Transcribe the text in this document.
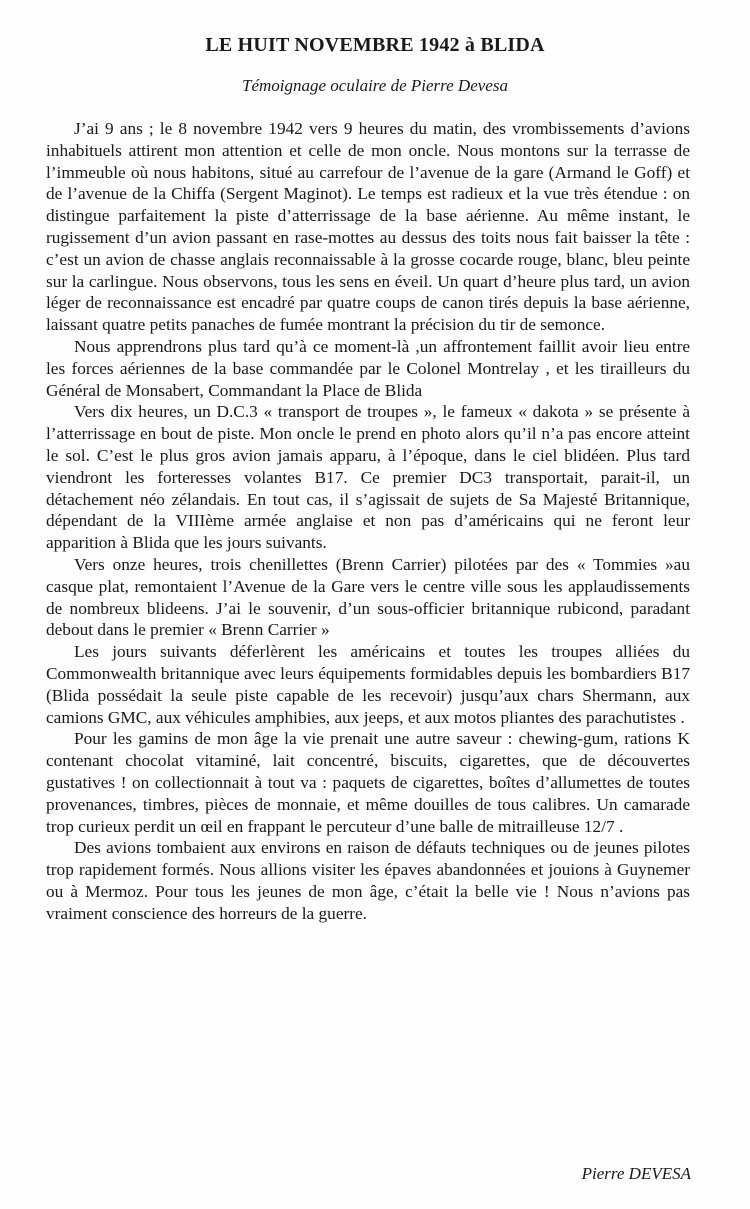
LE HUIT NOVEMBRE 1942 à BLIDA
Témoignage oculaire de Pierre Devesa

J’ai 9 ans ; le 8 novembre 1942 vers 9 heures du matin, des vrombissements d’avions inhabituels attirent mon attention et celle de mon oncle. Nous montons sur la terrasse de l’immeuble où nous habitons, situé au carrefour de l’avenue de la gare (Armand le Goff) et de l’avenue de la Chiffa (Sergent Maginot). Le temps est radieux et la vue très étendue : on distingue parfaitement la piste d’atterrissage de la base aérienne. Au même instant, le rugissement d’un avion passant en rase-mottes au dessus des toits nous fait baisser la tête : c’est un avion de chasse anglais reconnaissable à la grosse cocarde rouge, blanc, bleu peinte sur la carlingue. Nous observons, tous les sens en éveil. Un quart d’heure plus tard, un avion léger de reconnaissance est encadré par quatre coups de canon tirés depuis la base aérienne, laissant quatre petits panaches de fumée montrant la précision du tir de semonce.

Nous apprendrons plus tard qu’à ce moment-là ,un affrontement faillit avoir lieu entre les forces aériennes de la base commandée par le Colonel Montrelay , et les tirailleurs du Général de Monsabert, Commandant la Place de Blida

Vers dix heures, un D.C.3 « transport de troupes », le fameux « dakota » se présente à l’atterrissage en bout de piste. Mon oncle le prend en photo alors qu’il n’a pas encore atteint le sol. C’est le plus gros avion jamais apparu, à l’époque, dans le ciel blidéen. Plus tard viendront les forteresses volantes B17. Ce premier DC3 transportait, parait-il, un détachement néo zélandais. En tout cas, il s’agissait de sujets de Sa Majesté Britannique, dépendant de la VIIIème armée anglaise et non pas d’américains qui ne feront leur apparition à Blida que les jours suivants.

Vers onze heures, trois chenillettes (Brenn Carrier) pilotées par des « Tommies »au casque plat, remontaient l’Avenue de la Gare vers le centre ville sous les applaudissements de nombreux blideens. J’ai le souvenir, d’un sous-officier britannique rubicond, paradant debout dans le premier « Brenn Carrier »

Les jours suivants déferlèrent les américains et toutes les troupes alliées du Commonwealth britannique avec leurs équipements formidables depuis les bombardiers B17 (Blida possédait la seule piste capable de les recevoir) jusqu’aux chars Shermann, aux camions GMC, aux véhicules amphibies, aux jeeps, et aux motos pliantes des parachutistes .

Pour les gamins de mon âge la vie prenait une autre saveur : chewing-gum, rations K contenant chocolat vitaminé, lait concentré, biscuits, cigarettes, que de découvertes gustatives ! on collectionnait à tout va : paquets de cigarettes, boîtes d’allumettes de toutes provenances, timbres, pièces de monnaie, et même douilles de tous calibres. Un camarade trop curieux perdit un œil en frappant le percuteur d’une balle de mitrailleuse 12/7 .

Des avions tombaient aux environs en raison de défauts techniques ou de jeunes pilotes trop rapidement formés. Nous allions visiter les épaves abandonnées et jouions à Guynemer ou à Mermoz. Pour tous les jeunes de mon âge, c’était la belle vie ! Nous n’avions pas vraiment conscience des horreurs de la guerre.

Pierre DEVESA
